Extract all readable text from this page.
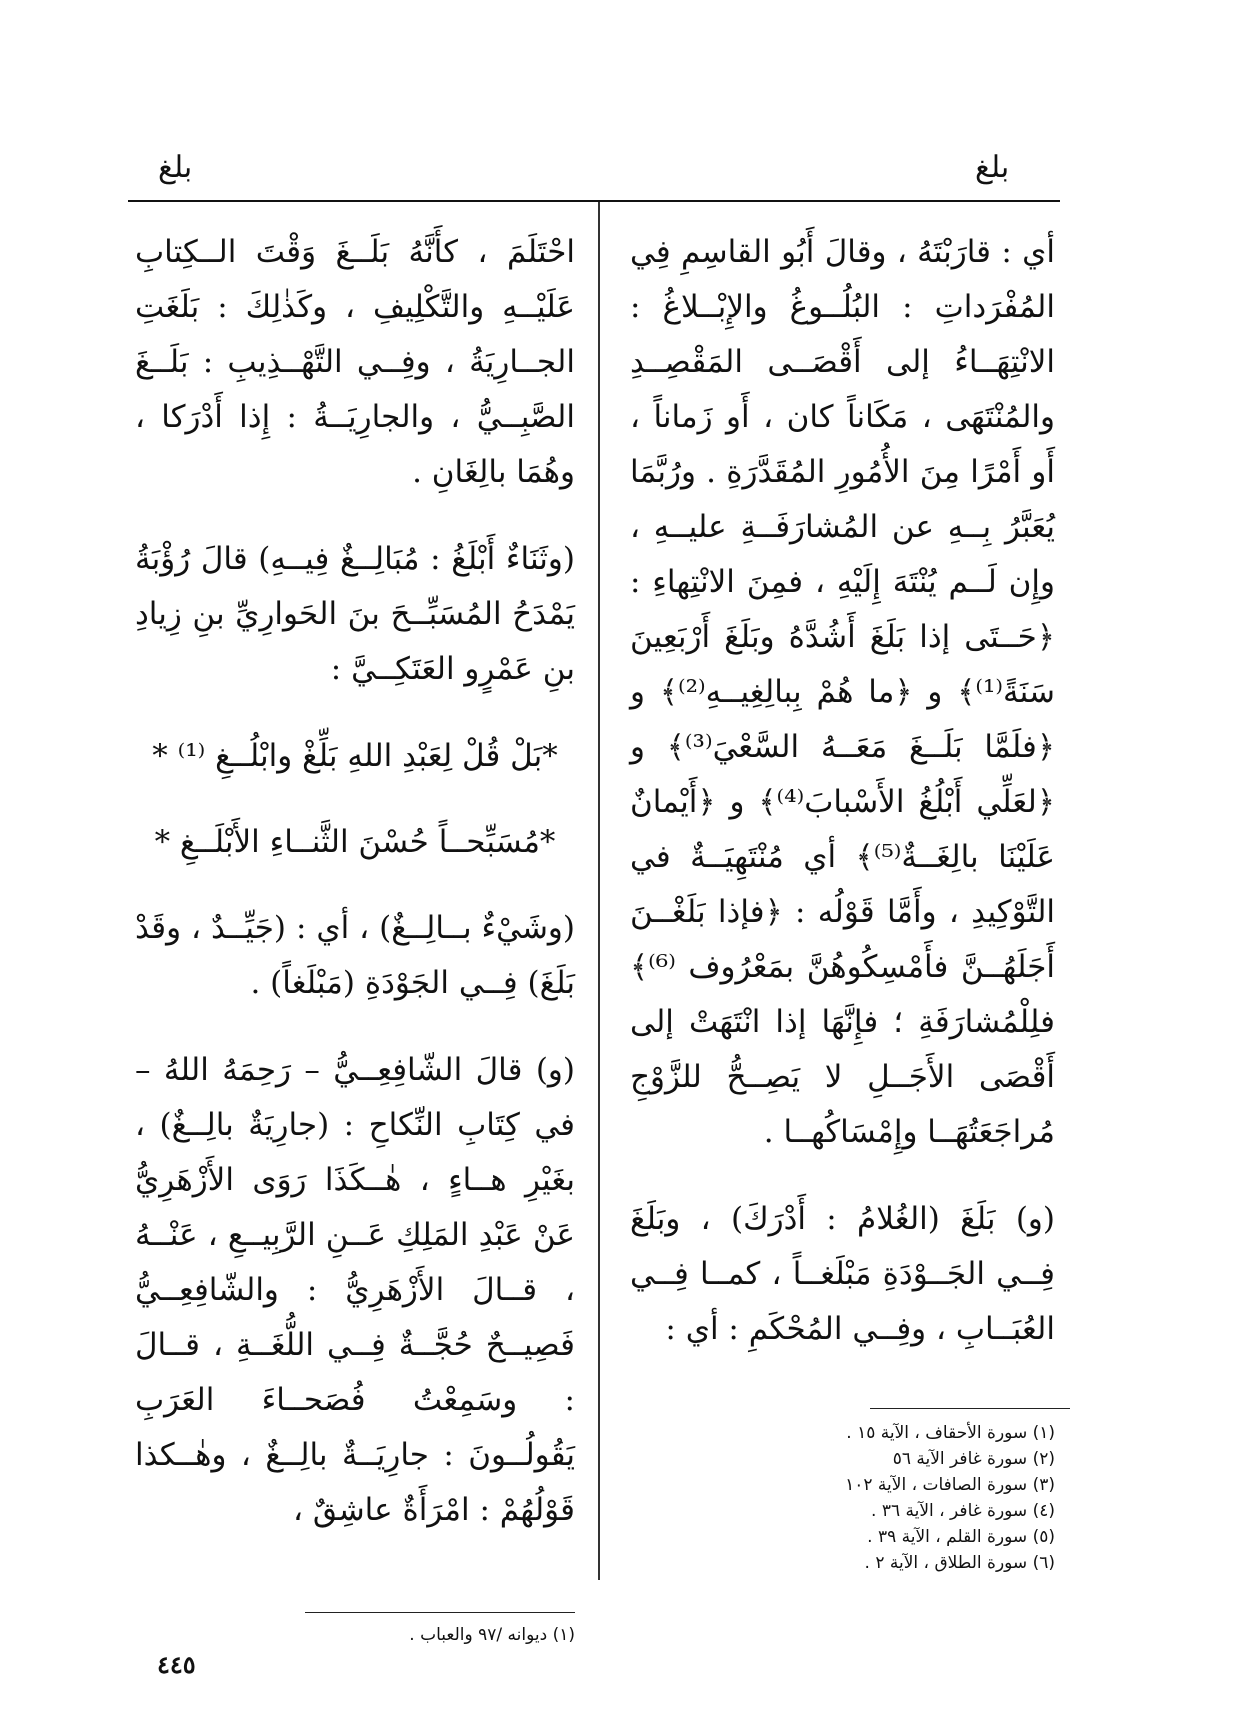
بلغ
بلغ

أي : قارَبْتَهُ ، وقالَ أَبُو القاسِمِ فِي المُفْرَداتِ : البُلُــوغُ والإِبْــلاغُ : الانْتِهَــاءُ إلى أَقْصَــى المَقْصِــدِ والمُنْتَهَى ، مَكَاناً كان ، أَو زَماناً ، أَو أَمْرًا مِنَ الأُمُورِ المُقَدَّرَةِ . ورُبَّمَا يُعَبَّرُ بِــهِ عن المُشارَفَــةِ عليــهِ ، وإِن لَــم يُنْتَهَ إِلَيْهِ ، فمِنَ الانْتِهاءِ : ﴿حَــتَى إذا بَلَغَ أَشُدَّهُ وبَلَغَ أَرْبَعِينَ سَنَةً⁽¹⁾﴾ و ﴿ما هُمْ بِبالِغِيــهِ⁽²⁾﴾ و ﴿فلَمَّا بَلَــغَ مَعَــهُ السَّعْيَ⁽³⁾﴾ و ﴿لعَلِّي أَبْلُغُ الأَسْبابَ⁽⁴⁾﴾ و ﴿أَيْمانٌ عَلَيْنَا بالِغَــةٌ⁽⁵⁾﴾ أي مُنْتَهِيَــةٌ في التَّوْكِيدِ ، وأَمَّا قَوْلُه : ﴿فإذا بَلَغْــنَ أَجَلَهُــنَّ فأَمْسِكُوهُنَّ بمَعْرُوف ⁽⁶⁾﴾ فلِلْمُشارَفَةِ ؛ فإِنَّهَا إذا انْتَهَتْ إلى أَقْصَى الأَجَــلِ لا يَصِــحُّ للزَّوْجِ مُراجَعَتُهَــا وإِمْسَاكُهــا .

(و) بَلَغَ (الغُلامُ : أَدْرَكَ) ، وبَلَغَ فِــي الجَــوْدَةِ مَبْلَغــاً ، كمــا فِــي العُبَــابِ ، وفِــي المُحْكَمِ : أي :

(١) سورة الأحقاف ، الآية ١٥ .
(٢) سورة غافر الآية ٥٦
(٣) سورة الصافات ، الآية ١٠٢
(٤) سورة غافر ، الآية ٣٦ .
(٥) سورة القلم ، الآية ٣٩ .
(٦) سورة الطلاق ، الآية ٢ .

احْتَلَمَ ، كأَنَّهُ بَلَــغَ وَقْتَ الــكِتابِ عَلَيْــهِ والتَّكْلِيفِ ، وكَذٰلِكَ : بَلَغَتِ الجــارِيَةُ ، وفِــي التَّهْــذِيبِ : بَلَــغَ الصَّبِــيُّ ، والجارِيَــةُ : إِذا أَدْرَكا ، وهُمَا بالِغَانِ .

(وثَنَاءٌ أَبْلَغُ : مُبَالِــغٌ فِيــهِ) قالَ رُؤْبَةُ يَمْدَحُ المُسَبِّــحَ بنَ الحَوارِيِّ بنِ زِيادِ بنِ عَمْرٍو العَتَكِــيَّ :

*بَلْ قُلْ لِعَبْدِ اللهِ بَلِّغْ وابْلُــغِ ⁽¹⁾ *

*مُسَبِّحــاً حُسْنَ الثَّنــاءِ الأَبْلَــغِ *

(وشَيْءٌ بــالِــغٌ) ، أي : (جَيِّــدٌ ، وقَدْ بَلَغَ) فِــي الجَوْدَةِ (مَبْلَغاً) .

(و) قالَ الشّافِعِــيُّ – رَحِمَهُ اللهُ – في كِتَابِ النِّكاحِ : (جارِيَةٌ بالِــغٌ) ، بغَيْرِ هــاءٍ ، هٰــكَذَا رَوَى الأَزْهَرِيُّ عَنْ عَبْدِ المَلِكِ عَــنِ الرَّبِيــعِ ، عَنْــهُ ، قــالَ الأَزْهَرِيُّ : والشّافِعِــيُّ فَصِيــحٌ حُجَّــةٌ فِــي اللُّغَــةِ ، قــالَ : وسَمِعْتُ فُصَحــاءَ العَرَبِ يَقُولُــونَ : جارِيَــةٌ بالِــغٌ ، وهٰــكذا قَوْلُهُمْ : امْرَأَةٌ عاشِقٌ ،

(١) ديوانه /٩٧ والعباب .
٤٤٥
